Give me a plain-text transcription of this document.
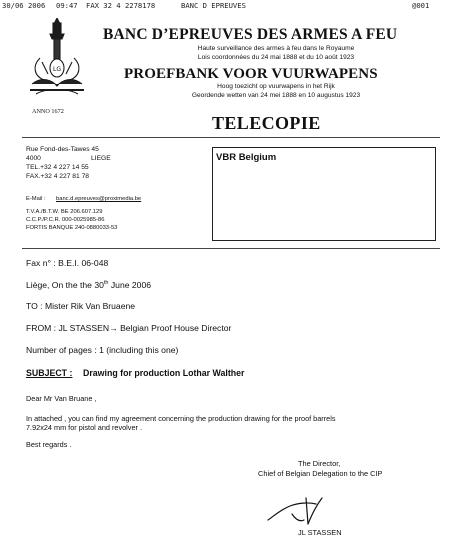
30/06 2006 09:47 FAX 32 4 2278178	BANC D EPREUVES	@001
LG
ANNO 1672
BANC D’EPREUVES DES ARMES A FEU
Haute surveillance des armes à feu dans le Royaume
Lois coordonnées du 24 mai 1888 et du 10 août 1923
PROEFBANK VOOR VUURWAPENS
Hoog toezicht op vuurwapens in het Rijk
Geordende wetten van 24 mei 1888 en 10 augustus 1923
TELECOPIE
Rue Fond-des-Tawes 45
4000	LIEGE
TEL.+32 4 227 14 55
FAX.+32 4 227 81 78
E-Mail : banc.d.epreuves@proximedia.be
T.V.A./B.T.W. BE 206.607.129
C.C.P./P.C.R. 000-0025985-86
FORTIS BANQUE 240-0880033-53
VBR Belgium
Fax n° : B.E.I. 06-048
Liège, On the the 30th June 2006
TO : Mister Rik Van Bruaene
FROM : JL STASSEN→ Belgian Proof House Director
Number of pages : 1 (including this one)
SUBJECT : Drawing for production Lothar Walther
Dear Mr Van Bruane ,
In attached , you can find my agreement concerning the production drawing for the proof barrels
7.92x24 mm for pistol and revolver .
Best regards .
The Director,
Chief of Belgian Delegation to the CIP
JL STASSEN
